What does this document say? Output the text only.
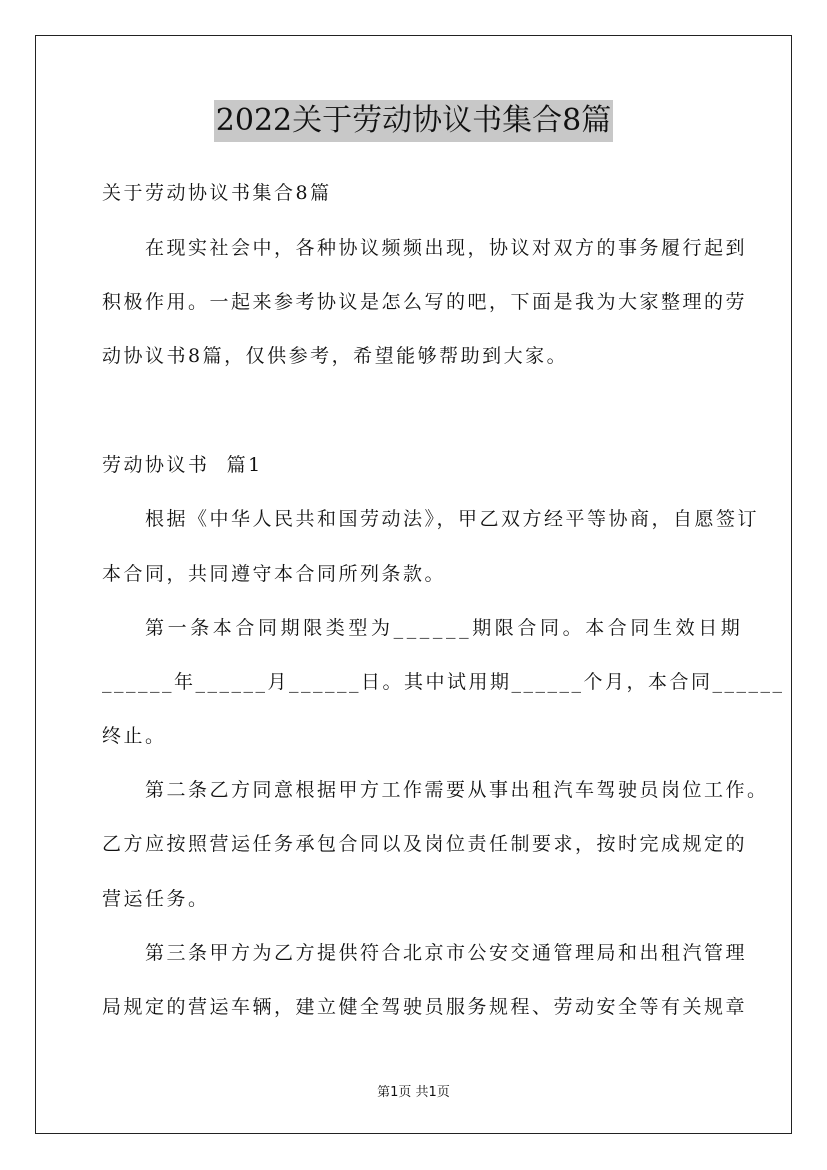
2022关于劳动协议书集合8篇
关于劳动协议书集合8篇
在现实社会中，各种协议频频出现，协议对双方的事务履行起到
积极作用。一起来参考协议是怎么写的吧，下面是我为大家整理的劳
动协议书8篇，仅供参考，希望能够帮助到大家。
劳动协议书  篇1
根据《中华人民共和国劳动法》，甲乙双方经平等协商，自愿签订
本合同，共同遵守本合同所列条款。
第一条本合同期限类型为______期限合同。本合同生效日期
______年______月______日。其中试用期______个月，本合同______
终止。
第二条乙方同意根据甲方工作需要从事出租汽车驾驶员岗位工作。
乙方应按照营运任务承包合同以及岗位责任制要求，按时完成规定的
营运任务。
第三条甲方为乙方提供符合北京市公安交通管理局和出租汽管理
局规定的营运车辆，建立健全驾驶员服务规程、劳动安全等有关规章
第1页 共1页
